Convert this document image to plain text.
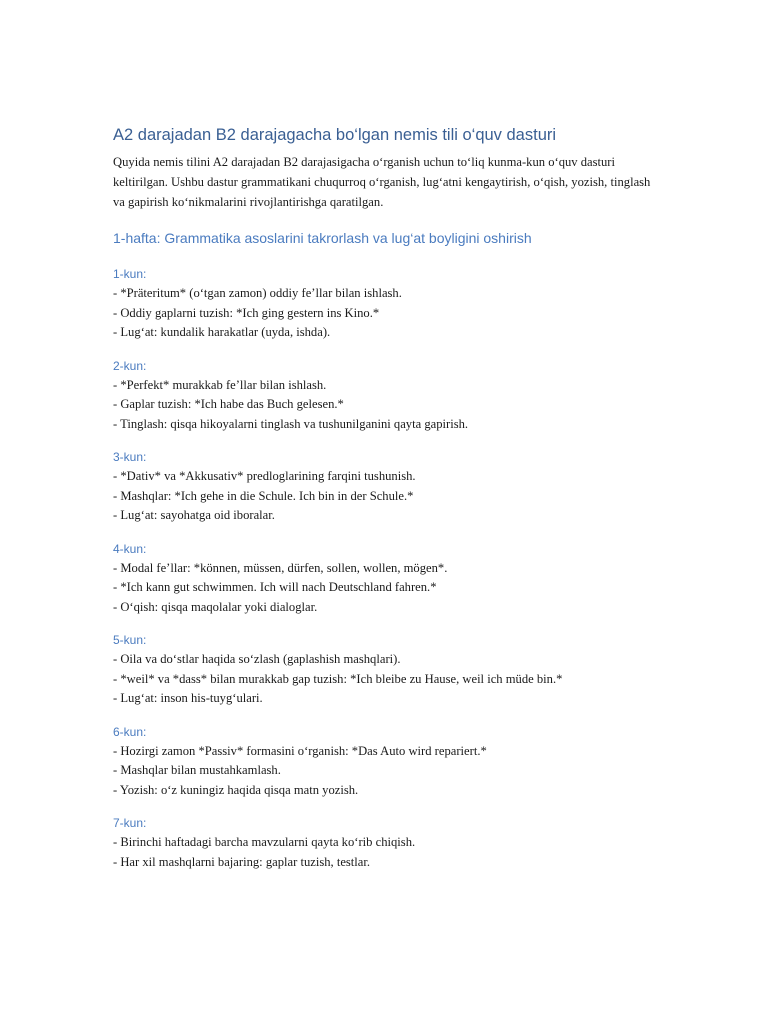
A2 darajadan B2 darajagacha bo‘lgan nemis tili o‘quv dasturi

Quyida nemis tilini A2 darajadan B2 darajasigacha o‘rganish uchun to‘liq kunma-kun o‘quv dasturi keltirilgan. Ushbu dastur grammatikani chuqurroq o‘rganish, lug‘atni kengaytirish, o‘qish, yozish, tinglash va gapirish ko‘nikmalarini rivojlantirishga qaratilgan.

1-hafta: Grammatika asoslarini takrorlash va lug‘at boyligini oshirish
1-kun:
- *Präteritum* (o‘tgan zamon) oddiy fe’llar bilan ishlash.
- Oddiy gaplarni tuzish: *Ich ging gestern ins Kino.*
- Lug‘at: kundalik harakatlar (uyda, ishda).
2-kun:
- *Perfekt* murakkab fe’llar bilan ishlash.
- Gaplar tuzish: *Ich habe das Buch gelesen.*
- Tinglash: qisqa hikoyalarni tinglash va tushunilganini qayta gapirish.
3-kun:
- *Dativ* va *Akkusativ* predloglarining farqini tushunish.
- Mashqlar: *Ich gehe in die Schule. Ich bin in der Schule.*
- Lug‘at: sayohatga oid iboralar.
4-kun:
- Modal fe’llar: *können, müssen, dürfen, sollen, wollen, mögen*.
- *Ich kann gut schwimmen. Ich will nach Deutschland fahren.*
- O‘qish: qisqa maqolalar yoki dialoglar.
5-kun:
- Oila va do‘stlar haqida so‘zlash (gaplashish mashqlari).
- *weil* va *dass* bilan murakkab gap tuzish: *Ich bleibe zu Hause, weil ich müde bin.*
- Lug‘at: inson his-tuyg‘ulari.
6-kun:
- Hozirgi zamon *Passiv* formasini o‘rganish: *Das Auto wird repariert.*
- Mashqlar bilan mustahkamlash.
- Yozish: o‘z kuningiz haqida qisqa matn yozish.
7-kun:
- Birinchi haftadagi barcha mavzularni qayta ko‘rib chiqish.
- Har xil mashqlarni bajaring: gaplar tuzish, testlar.
